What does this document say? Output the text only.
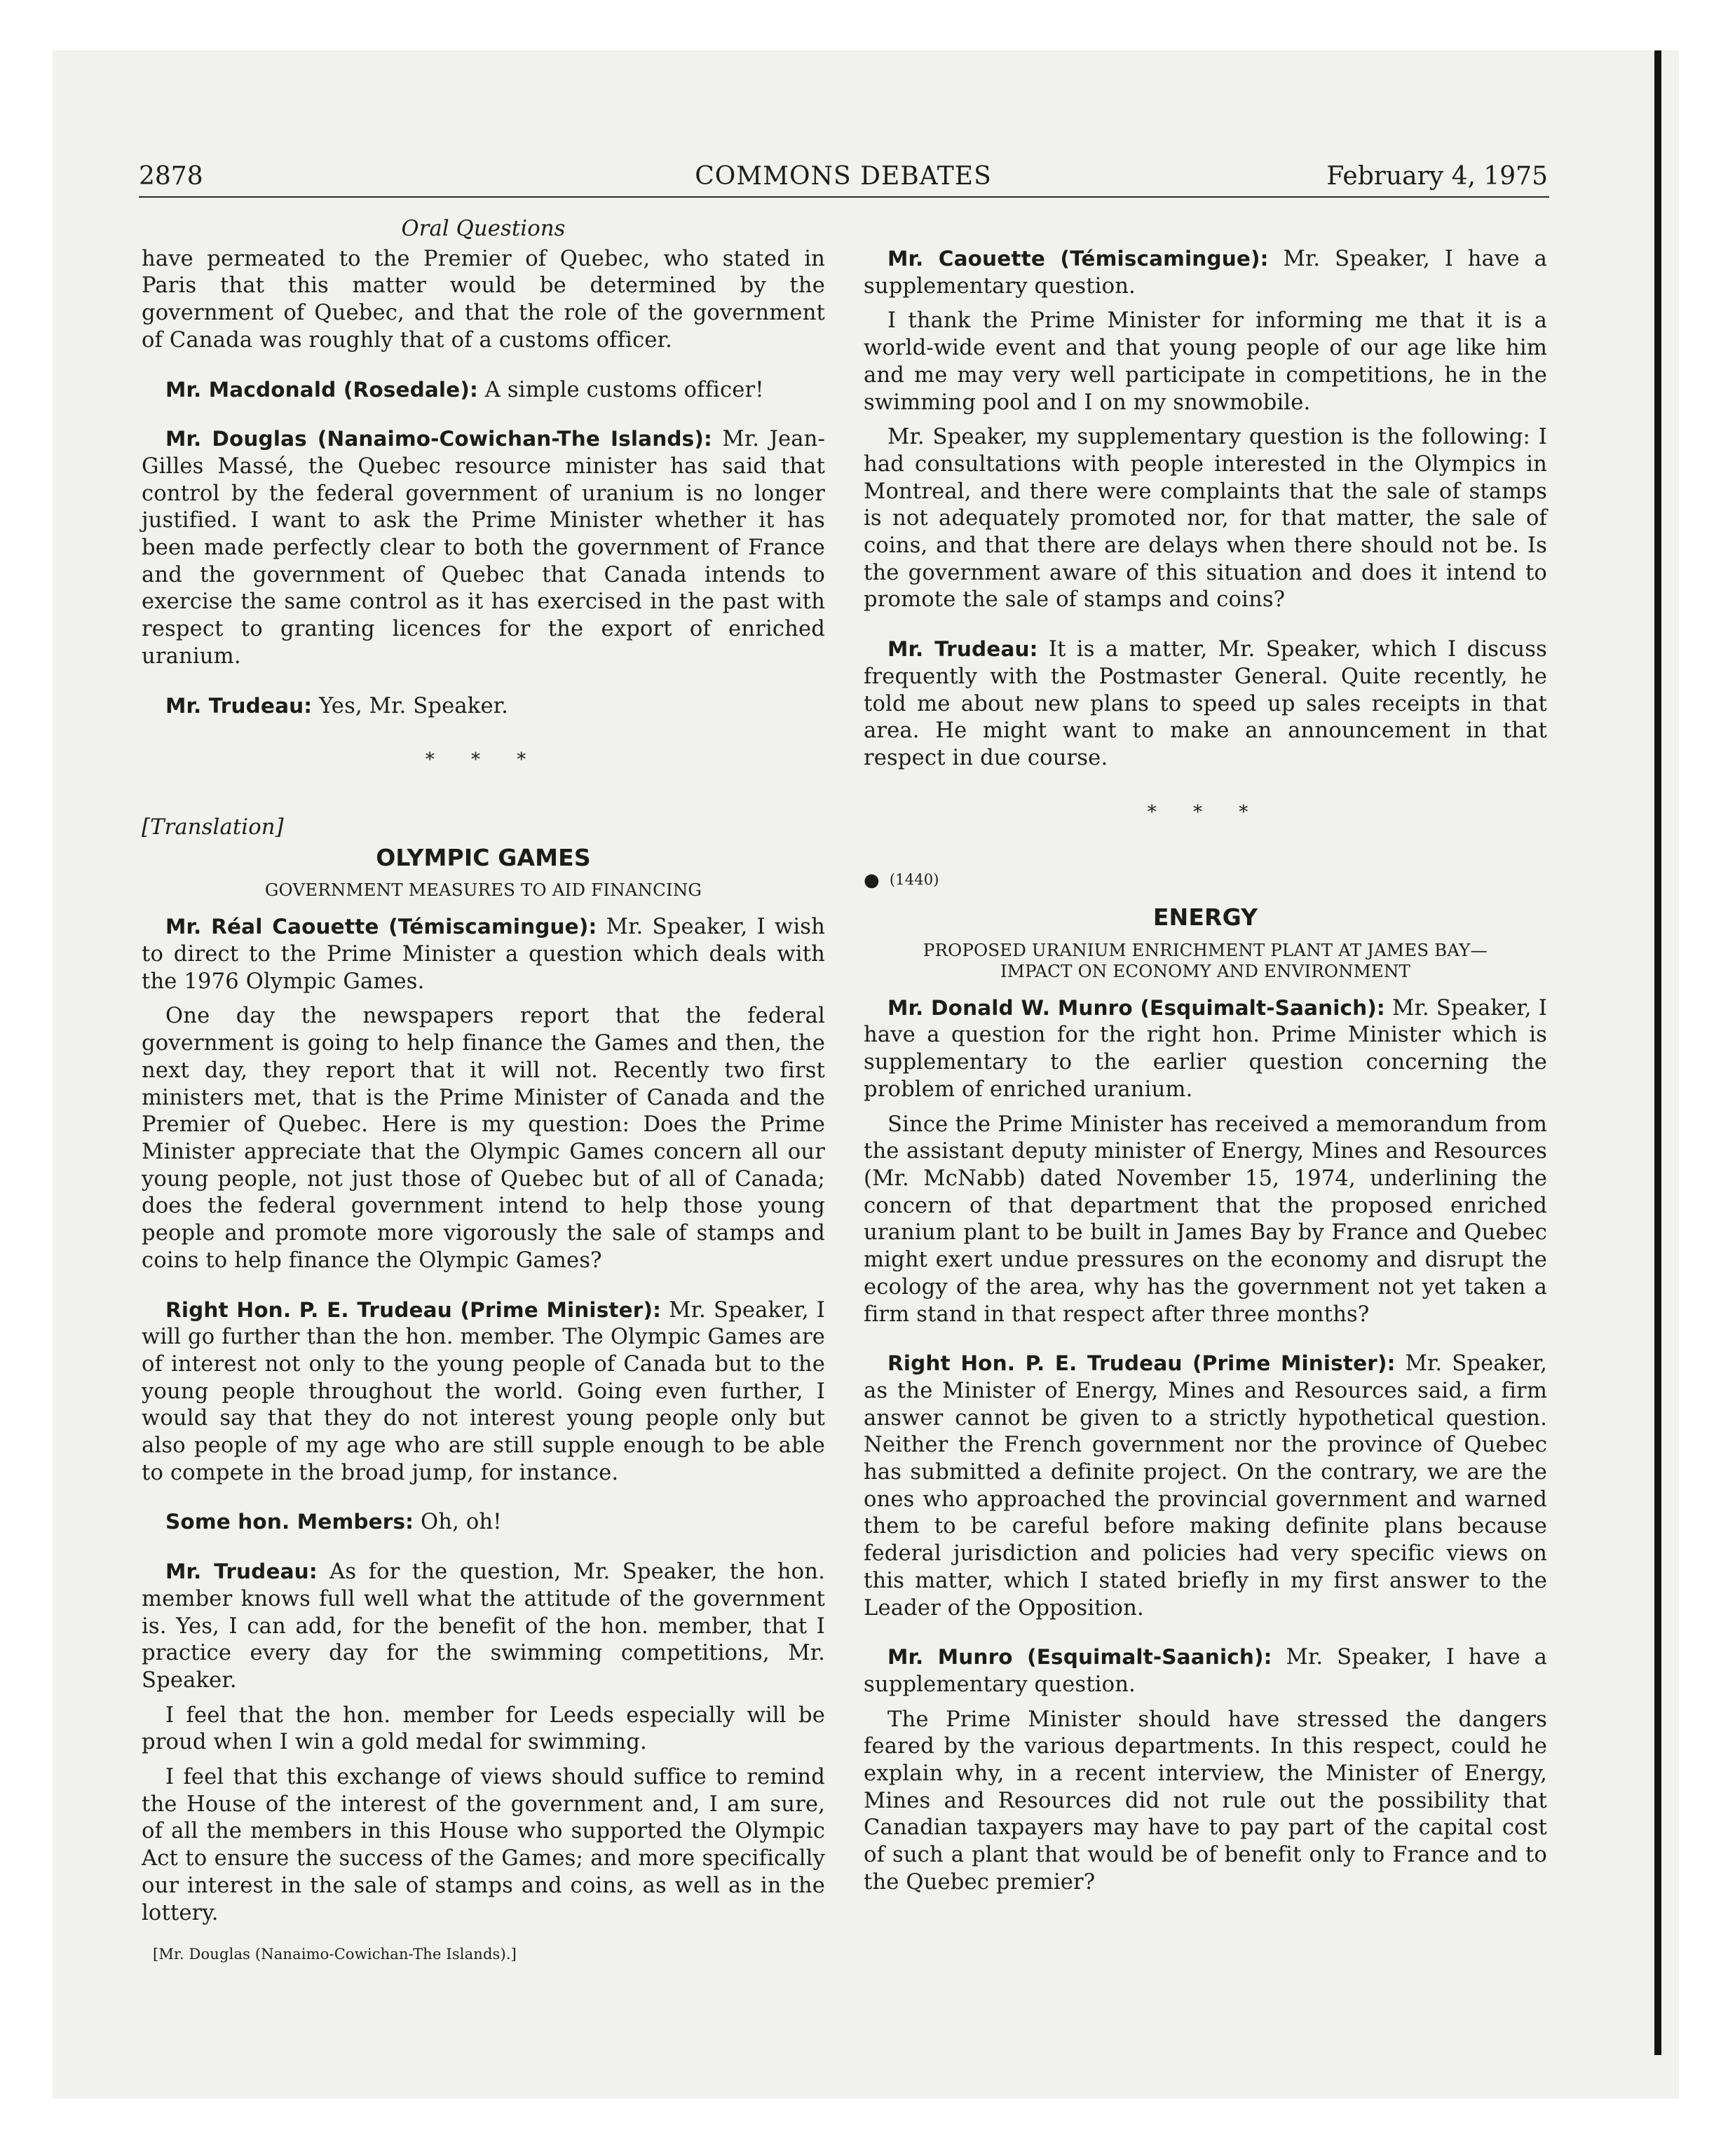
2878	COMMONS DEBATES	February 4, 1975
Oral Questions

have permeated to the Premier of Quebec, who stated in Paris that this matter would be determined by the government of Quebec, and that the role of the government of Canada was roughly that of a customs officer.

Mr. Macdonald (Rosedale): A simple customs officer!

Mr. Douglas (Nanaimo-Cowichan-The Islands): Mr. Jean-Gilles Massé, the Quebec resource minister has said that control by the federal government of uranium is no longer justified. I want to ask the Prime Minister whether it has been made perfectly clear to both the government of France and the government of Quebec that Canada intends to exercise the same control as it has exercised in the past with respect to granting licences for the export of enriched uranium.

Mr. Trudeau: Yes, Mr. Speaker.

* * *
[Translation]
OLYMPIC GAMES
GOVERNMENT MEASURES TO AID FINANCING

Mr. Réal Caouette (Témiscamingue): Mr. Speaker, I wish to direct to the Prime Minister a question which deals with the 1976 Olympic Games.

One day the newspapers report that the federal government is going to help finance the Games and then, the next day, they report that it will not. Recently two first ministers met, that is the Prime Minister of Canada and the Premier of Quebec. Here is my question: Does the Prime Minister appreciate that the Olympic Games concern all our young people, not just those of Quebec but of all of Canada; does the federal government intend to help those young people and promote more vigorously the sale of stamps and coins to help finance the Olympic Games?

Right Hon. P. E. Trudeau (Prime Minister): Mr. Speaker, I will go further than the hon. member. The Olympic Games are of interest not only to the young people of Canada but to the young people throughout the world. Going even further, I would say that they do not interest young people only but also people of my age who are still supple enough to be able to compete in the broad jump, for instance.

Some hon. Members: Oh, oh!

Mr. Trudeau: As for the question, Mr. Speaker, the hon. member knows full well what the attitude of the government is. Yes, I can add, for the benefit of the hon. member, that I practice every day for the swimming competitions, Mr. Speaker.

I feel that the hon. member for Leeds especially will be proud when I win a gold medal for swimming.

I feel that this exchange of views should suffice to remind the House of the interest of the government and, I am sure, of all the members in this House who supported the Olympic Act to ensure the success of the Games; and more specifically our interest in the sale of stamps and coins, as well as in the lottery.

[Mr. Douglas (Nanaimo-Cowichan-The Islands).]

Mr. Caouette (Témiscamingue): Mr. Speaker, I have a supplementary question.

I thank the Prime Minister for informing me that it is a world-wide event and that young people of our age like him and me may very well participate in competitions, he in the swimming pool and I on my snowmobile.

Mr. Speaker, my supplementary question is the following: I had consultations with people interested in the Olympics in Montreal, and there were complaints that the sale of stamps is not adequately promoted nor, for that matter, the sale of coins, and that there are delays when there should not be. Is the government aware of this situation and does it intend to promote the sale of stamps and coins?

Mr. Trudeau: It is a matter, Mr. Speaker, which I discuss frequently with the Postmaster General. Quite recently, he told me about new plans to speed up sales receipts in that area. He might want to make an announcement in that respect in due course.

* * *
● (1440)
ENERGY
PROPOSED URANIUM ENRICHMENT PLANT AT JAMES BAY—
IMPACT ON ECONOMY AND ENVIRONMENT

Mr. Donald W. Munro (Esquimalt-Saanich): Mr. Speaker, I have a question for the right hon. Prime Minister which is supplementary to the earlier question concerning the problem of enriched uranium.

Since the Prime Minister has received a memorandum from the assistant deputy minister of Energy, Mines and Resources (Mr. McNabb) dated November 15, 1974, underlining the concern of that department that the proposed enriched uranium plant to be built in James Bay by France and Quebec might exert undue pressures on the economy and disrupt the ecology of the area, why has the government not yet taken a firm stand in that respect after three months?

Right Hon. P. E. Trudeau (Prime Minister): Mr. Speaker, as the Minister of Energy, Mines and Resources said, a firm answer cannot be given to a strictly hypothetical question. Neither the French government nor the province of Quebec has submitted a definite project. On the contrary, we are the ones who approached the provincial government and warned them to be careful before making definite plans because federal jurisdiction and policies had very specific views on this matter, which I stated briefly in my first answer to the Leader of the Opposition.

Mr. Munro (Esquimalt-Saanich): Mr. Speaker, I have a supplementary question.

The Prime Minister should have stressed the dangers feared by the various departments. In this respect, could he explain why, in a recent interview, the Minister of Energy, Mines and Resources did not rule out the possibility that Canadian taxpayers may have to pay part of the capital cost of such a plant that would be of benefit only to France and to the Quebec premier?
